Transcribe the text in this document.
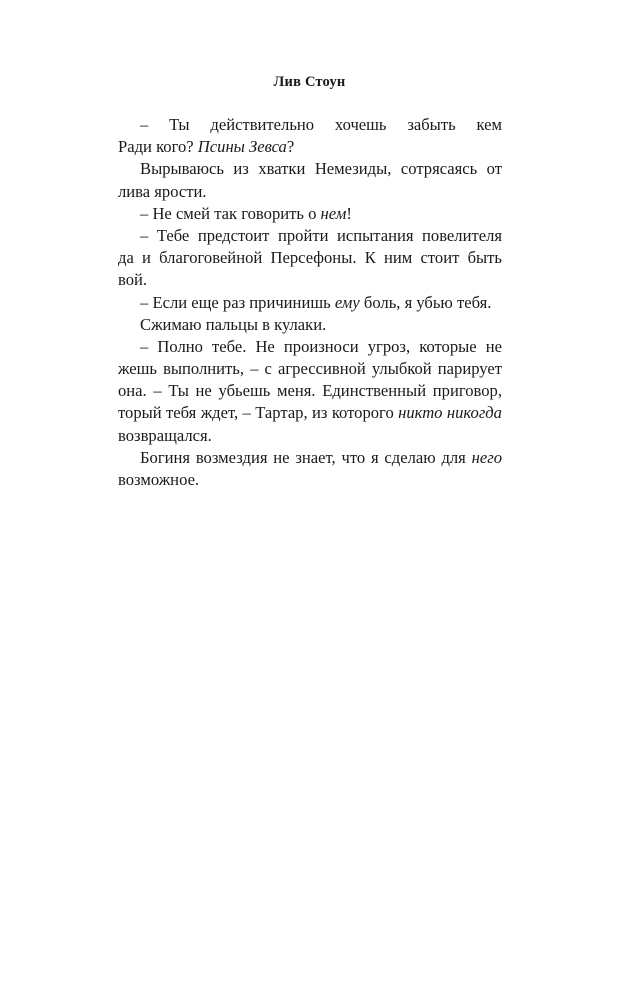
Лив Стоун
– Ты действительно хочешь забыть кем
Ради кого? Псины Зевса?
Вырываюсь из хватки Немезиды, сотрясаясь от
лива ярости.
– Не смей так говорить о нем!
– Тебе предстоит пройти испытания повелителя
да и благоговейной Персефоны. К ним стоит быть
вой.
– Если еще раз причинишь ему боль, я убью тебя.
Сжимаю пальцы в кулаки.
– Полно тебе. Не произноси угроз, которые не
жешь выполнить, – с агрессивной улыбкой парирует
она. – Ты не убьешь меня. Единственный приговор,
торый тебя ждет, – Тартар, из которого никто никогда
возвращался.
Богиня возмездия не знает, что я сделаю для него
возможное.
